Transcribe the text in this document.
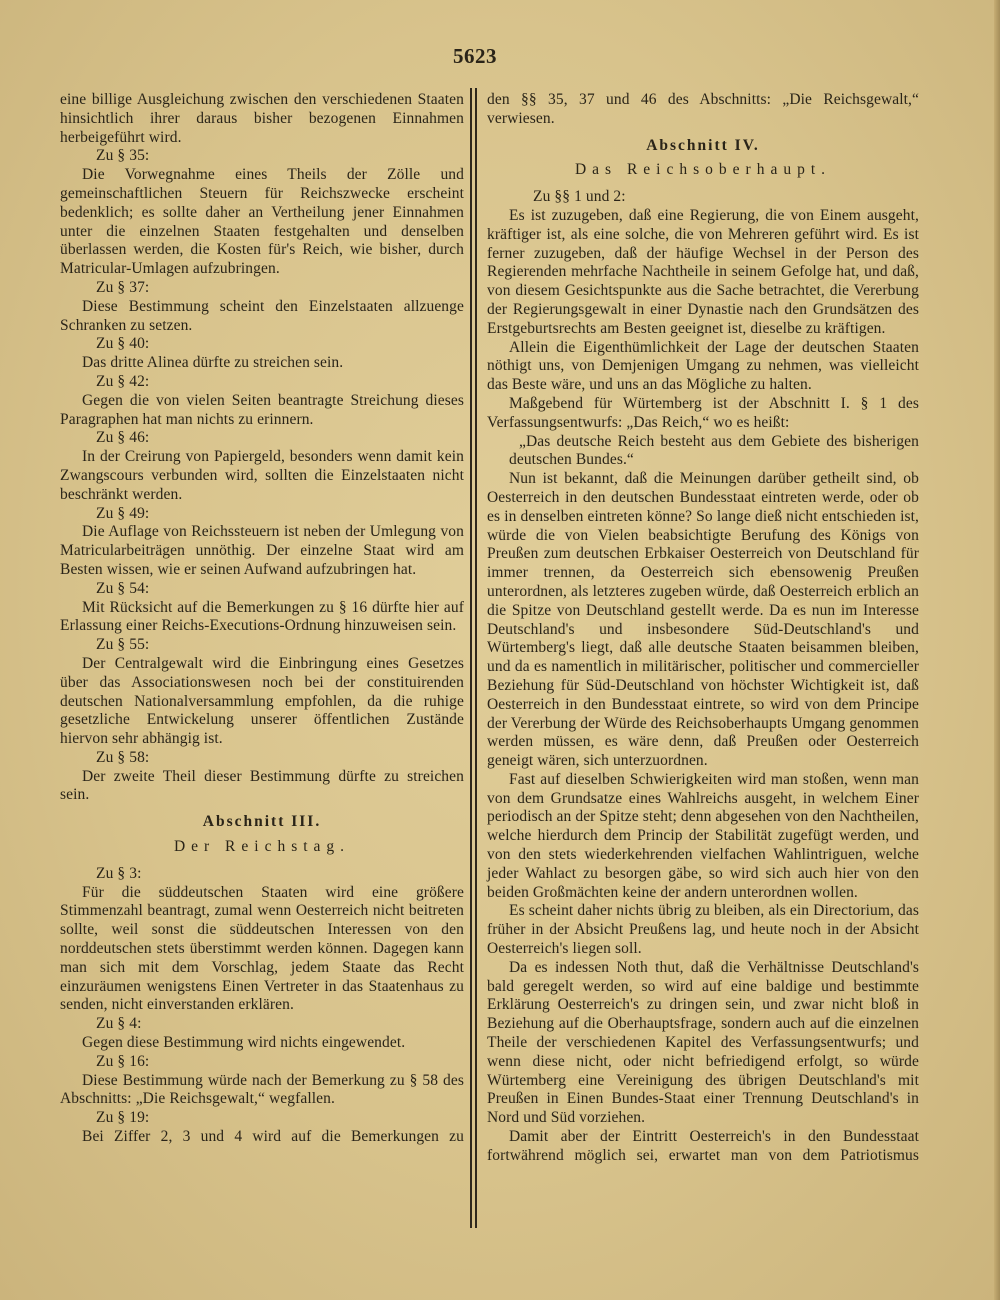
5623
eine billige Ausgleichung zwischen den verschiedenen Staaten hinsichtlich ihrer daraus bisher bezogenen Einnahmen herbeigeführt wird.
Zu § 35:
Die Vorwegnahme eines Theils der Zölle und gemeinschaftlichen Steuern für Reichszwecke erscheint bedenklich; es sollte daher an Vertheilung jener Einnahmen unter die einzelnen Staaten festgehalten und denselben überlassen werden, die Kosten für's Reich, wie bisher, durch Matricular-Umlagen aufzubringen.
Zu § 37:
Diese Bestimmung scheint den Einzelstaaten allzuenge Schranken zu setzen.
Zu § 40:
Das dritte Alinea dürfte zu streichen sein.
Zu § 42:
Gegen die von vielen Seiten beantragte Streichung dieses Paragraphen hat man nichts zu erinnern.
Zu § 46:
In der Creirung von Papiergeld, besonders wenn damit kein Zwangscours verbunden wird, sollten die Einzelstaaten nicht beschränkt werden.
Zu § 49:
Die Auflage von Reichssteuern ist neben der Umlegung von Matricularbeiträgen unnöthig. Der einzelne Staat wird am Besten wissen, wie er seinen Aufwand aufzubringen hat.
Zu § 54:
Mit Rücksicht auf die Bemerkungen zu § 16 dürfte hier auf Erlassung einer Reichs-Executions-Ordnung hinzuweisen sein.
Zu § 55:
Der Centralgewalt wird die Einbringung eines Gesetzes über das Associationswesen noch bei der constituirenden deutschen Nationalversammlung empfohlen, da die ruhige gesetzliche Entwickelung unserer öffentlichen Zustände hiervon sehr abhängig ist.
Zu § 58:
Der zweite Theil dieser Bestimmung dürfte zu streichen sein.
Abschnitt III.
Der Reichstag.
Zu § 3:
Für die süddeutschen Staaten wird eine größere Stimmenzahl beantragt, zumal wenn Oesterreich nicht beitreten sollte, weil sonst die süddeutschen Interessen von den norddeutschen stets überstimmt werden können. Dagegen kann man sich mit dem Vorschlag, jedem Staate das Recht einzuräumen wenigstens Einen Vertreter in das Staatenhaus zu senden, nicht einverstanden erklären.
Zu § 4:
Gegen diese Bestimmung wird nichts eingewendet.
Zu § 16:
Diese Bestimmung würde nach der Bemerkung zu § 58 des Abschnitts: „Die Reichsgewalt,“ wegfallen.
Zu § 19:
Bei Ziffer 2, 3 und 4 wird auf die Bemerkungen zu
den §§ 35, 37 und 46 des Abschnitts: „Die Reichsgewalt,“ verwiesen.
Abschnitt IV.
Das Reichsoberhaupt.
Zu §§ 1 und 2:
Es ist zuzugeben, daß eine Regierung, die von Einem ausgeht, kräftiger ist, als eine solche, die von Mehreren geführt wird. Es ist ferner zuzugeben, daß der häufige Wechsel in der Person des Regierenden mehrfache Nachtheile in seinem Gefolge hat, und daß, von diesem Gesichtspunkte aus die Sache betrachtet, die Vererbung der Regierungsgewalt in einer Dynastie nach den Grundsätzen des Erstgeburtsrechts am Besten geeignet ist, dieselbe zu kräftigen.
Allein die Eigenthümlichkeit der Lage der deutschen Staaten nöthigt uns, von Demjenigen Umgang zu nehmen, was vielleicht das Beste wäre, und uns an das Mögliche zu halten.
Maßgebend für Würtemberg ist der Abschnitt I. § 1 des Verfassungsentwurfs: „Das Reich,“ wo es heißt:
„Das deutsche Reich besteht aus dem Gebiete des bisherigen deutschen Bundes.“
Nun ist bekannt, daß die Meinungen darüber getheilt sind, ob Oesterreich in den deutschen Bundesstaat eintreten werde, oder ob es in denselben eintreten könne? So lange dieß nicht entschieden ist, würde die von Vielen beabsichtigte Berufung des Königs von Preußen zum deutschen Erbkaiser Oesterreich von Deutschland für immer trennen, da Oesterreich sich ebensowenig Preußen unterordnen, als letzteres zugeben würde, daß Oesterreich erblich an die Spitze von Deutschland gestellt werde. Da es nun im Interesse Deutschland's und insbesondere Süd-Deutschland's und Würtemberg's liegt, daß alle deutsche Staaten beisammen bleiben, und da es namentlich in militärischer, politischer und commercieller Beziehung für Süd-Deutschland von höchster Wichtigkeit ist, daß Oesterreich in den Bundesstaat eintrete, so wird von dem Principe der Vererbung der Würde des Reichsoberhaupts Umgang genommen werden müssen, es wäre denn, daß Preußen oder Oesterreich geneigt wären, sich unterzuordnen.
Fast auf dieselben Schwierigkeiten wird man stoßen, wenn man von dem Grundsatze eines Wahlreichs ausgeht, in welchem Einer periodisch an der Spitze steht; denn abgesehen von den Nachtheilen, welche hierdurch dem Princip der Stabilität zugefügt werden, und von den stets wiederkehrenden vielfachen Wahlintriguen, welche jeder Wahlact zu besorgen gäbe, so wird sich auch hier von den beiden Großmächten keine der andern unterordnen wollen.
Es scheint daher nichts übrig zu bleiben, als ein Directorium, das früher in der Absicht Preußens lag, und heute noch in der Absicht Oesterreich's liegen soll.
Da es indessen Noth thut, daß die Verhältnisse Deutschland's bald geregelt werden, so wird auf eine baldige und bestimmte Erklärung Oesterreich's zu dringen sein, und zwar nicht bloß in Beziehung auf die Oberhauptsfrage, sondern auch auf die einzelnen Theile der verschiedenen Kapitel des Verfassungsentwurfs; und wenn diese nicht, oder nicht befriedigend erfolgt, so würde Würtemberg eine Vereinigung des übrigen Deutschland's mit Preußen in Einen Bundes-Staat einer Trennung Deutschland's in Nord und Süd vorziehen.
Damit aber der Eintritt Oesterreich's in den Bundesstaat fortwährend möglich sei, erwartet man von dem Patriotismus
